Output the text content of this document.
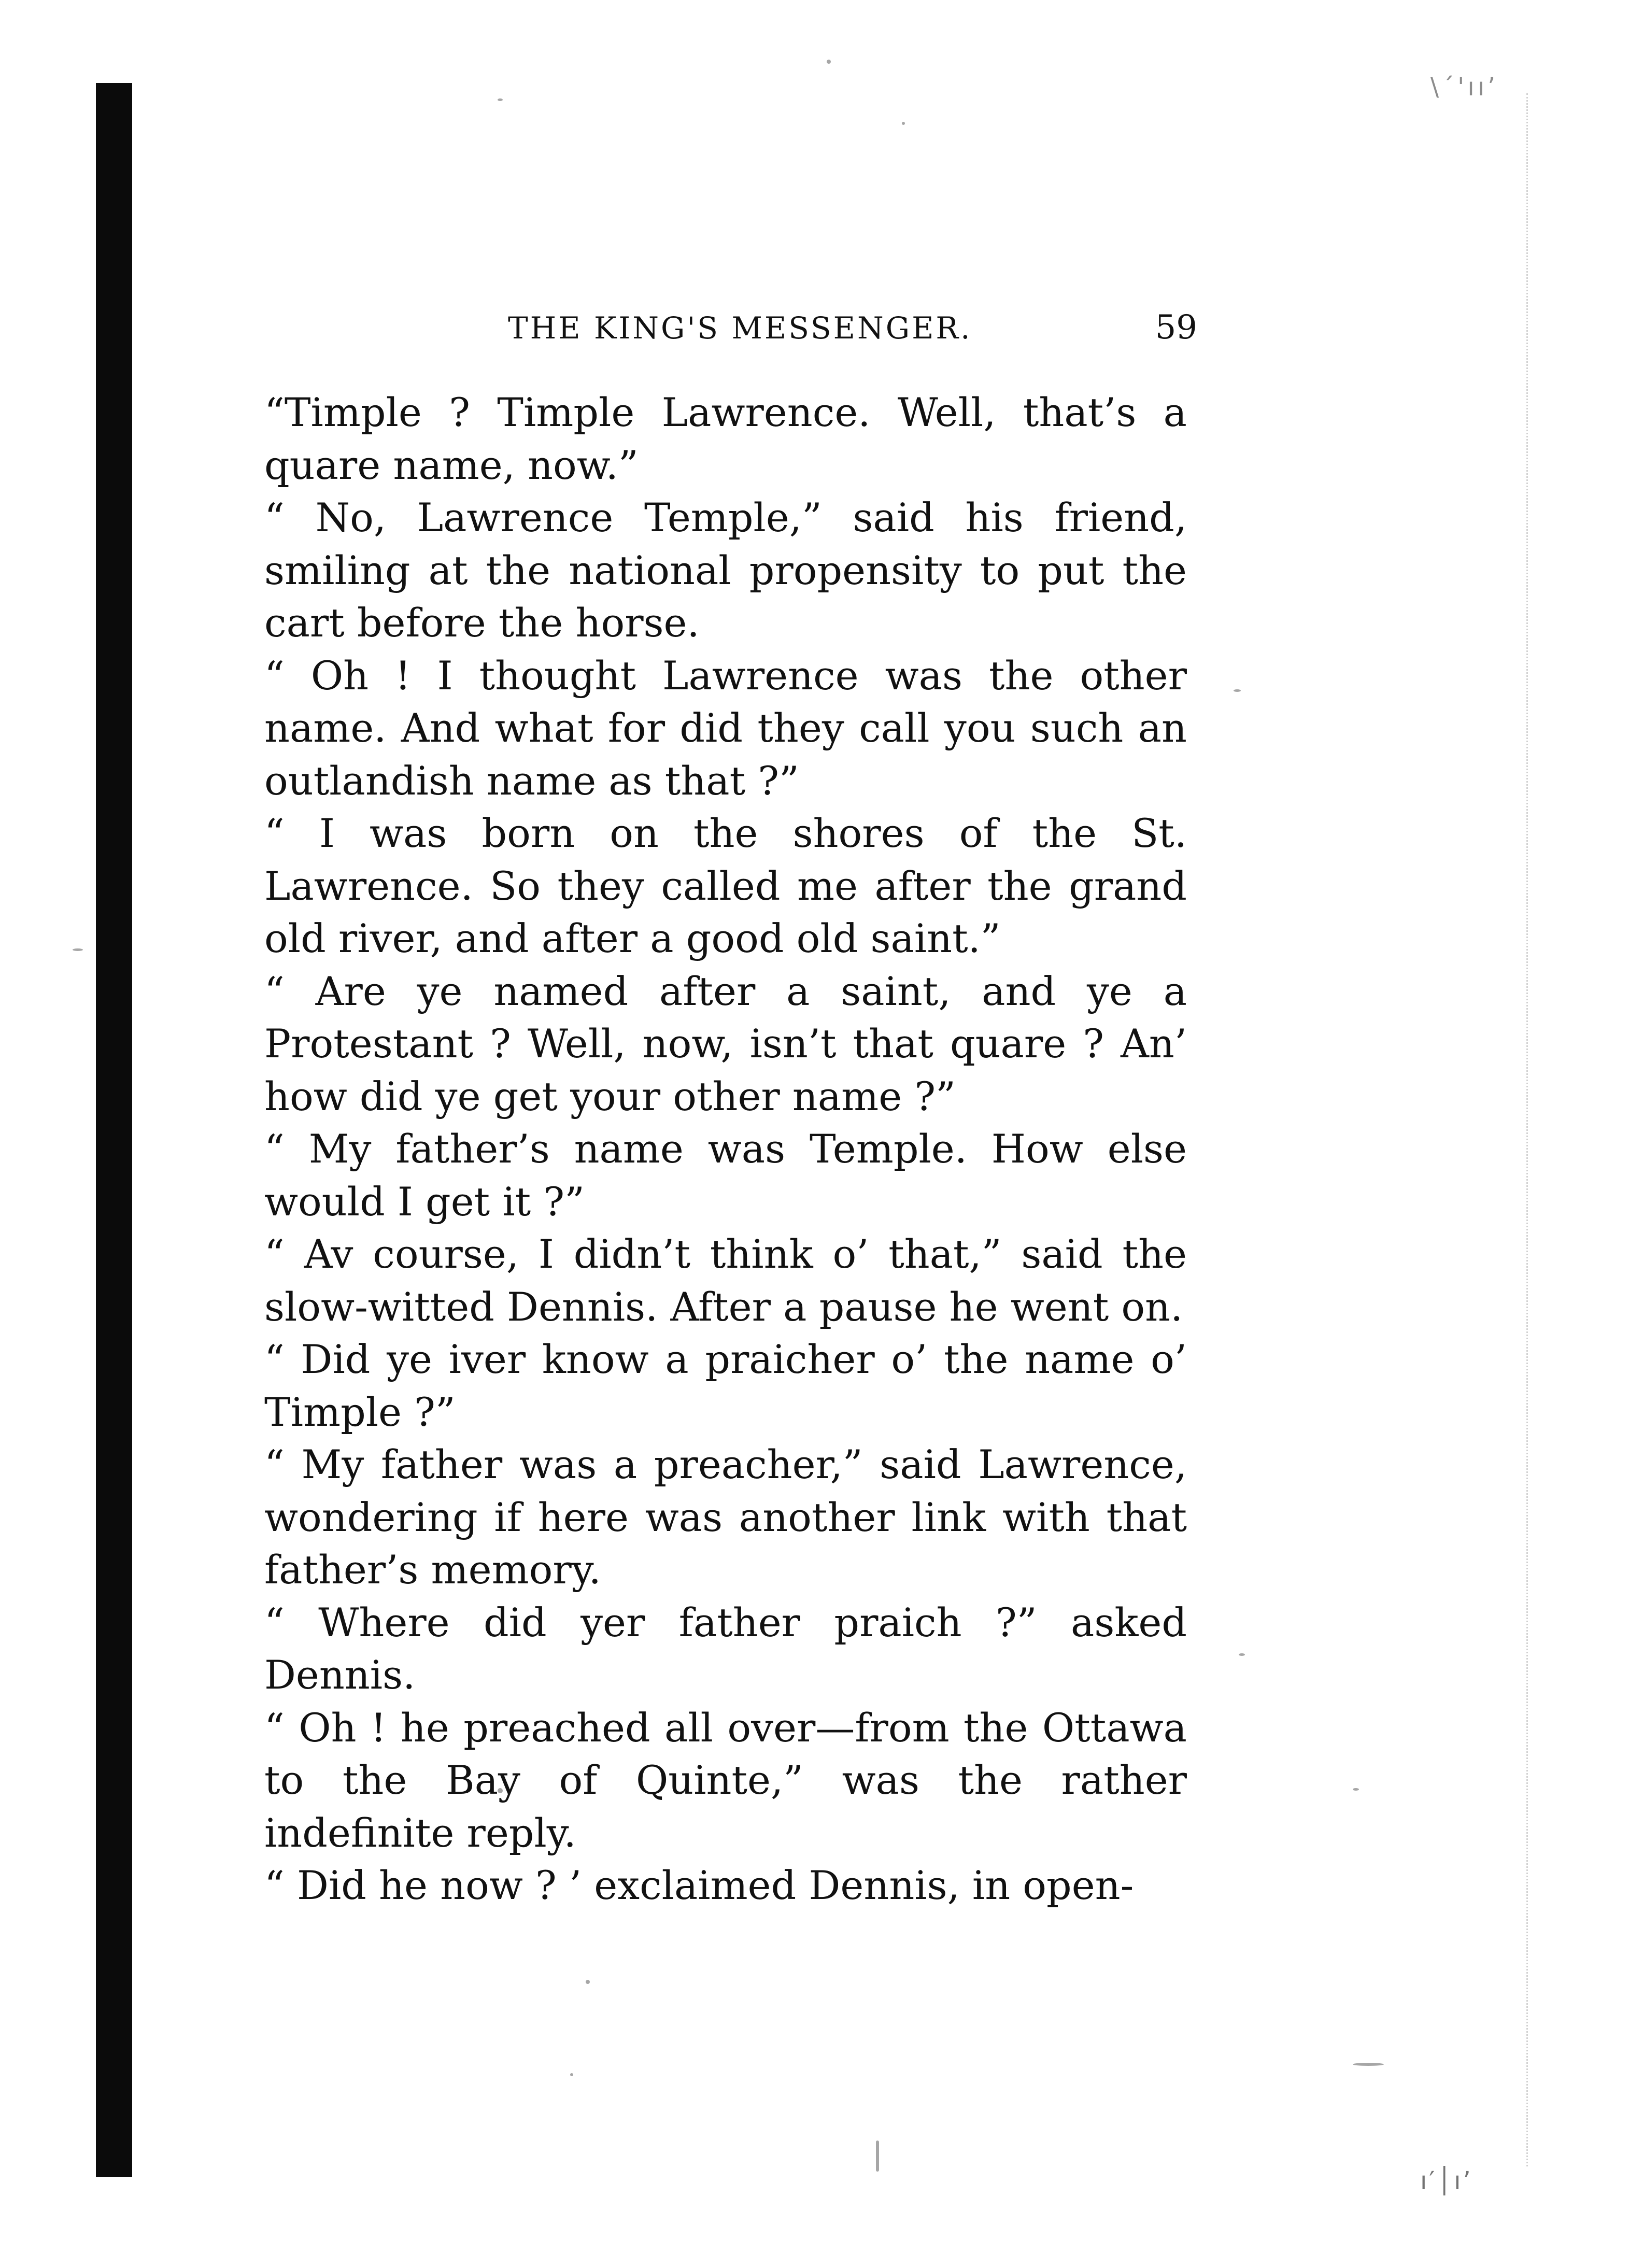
\΄'ıı’
ı′│ıʼ
THE KING'S MESSENGER.	59

“Timple ? Timple Lawrence. Well, that’s a quare name, now.”

“ No, Lawrence Temple,” said his friend, smiling at the national propensity to put the cart before the horse.

“ Oh ! I thought Lawrence was the other name. And what for did they call you such an outlandish name as that ?”

“ I was born on the shores of the St. Lawrence. So they called me after the grand old river, and after a good old saint.”

“ Are ye named after a saint, and ye a Protestant ? Well, now, isn’t that quare ? An’ how did ye get your other name ?”

“ My father’s name was Temple. How else would I get it ?”

“ Av course, I didn’t think o’ that,” said the slow-witted Dennis. After a pause he went on.

“ Did ye iver know a praicher o’ the name o’ Timple ?”

“ My father was a preacher,” said Lawrence, wondering if here was another link with that father’s memory.

“ Where did yer father praich ?” asked Dennis.

“ Oh ! he preached all over—from the Ottawa to the Bay of Quinte,” was the rather indefinite reply.

“ Did he now ? ’ exclaimed Dennis, in open-
